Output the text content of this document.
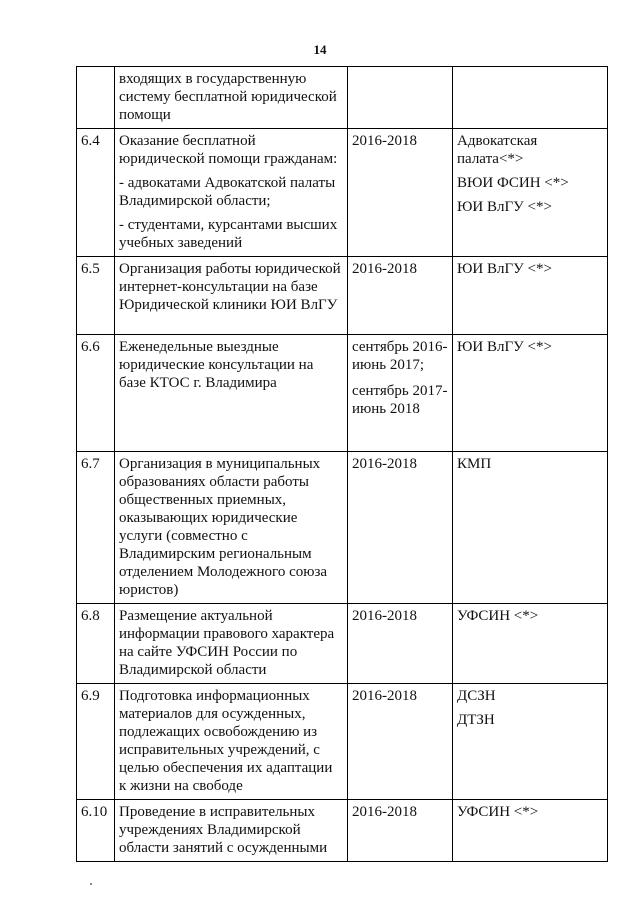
14

	входящих в государственную систему бесплатной юридической помощи		

6.4	Оказание бесплатной юридической помощи гражданам:
- адвокатами Адвокатской палаты Владимирской области;
- студентами, курсантами высших учебных заведений	2016-2018	Адвокатская палата<*>
ВЮИ ФСИН <*>
ЮИ ВлГУ <*>

6.5	Организация работы юридической интернет-консультации на базе Юридической клиники ЮИ ВлГУ	2016-2018	ЮИ ВлГУ <*>

6.6	Еженедельные выездные юридические консультации на базе КТОС г. Владимира	сентябрь 2016-июнь 2017;
сентябрь 2017- июнь 2018	ЮИ ВлГУ <*>

6.7	Организация в муниципальных образованиях области работы общественных приемных, оказывающих юридические услуги (совместно с Владимирским региональным отделением Молодежного союза юристов)	2016-2018	КМП

6.8	Размещение актуальной информации правового характера на сайте УФСИН России по Владимирской области	2016-2018	УФСИН <*>

6.9	Подготовка информационных материалов для осужденных, подлежащих освобождению из исправительных учреждений, с целью обеспечения их адаптации к жизни на свободе	2016-2018	ДСЗН
ДТЗН

6.10	Проведение в исправительных учреждениях Владимирской области занятий с осужденными	2016-2018	УФСИН <*>
